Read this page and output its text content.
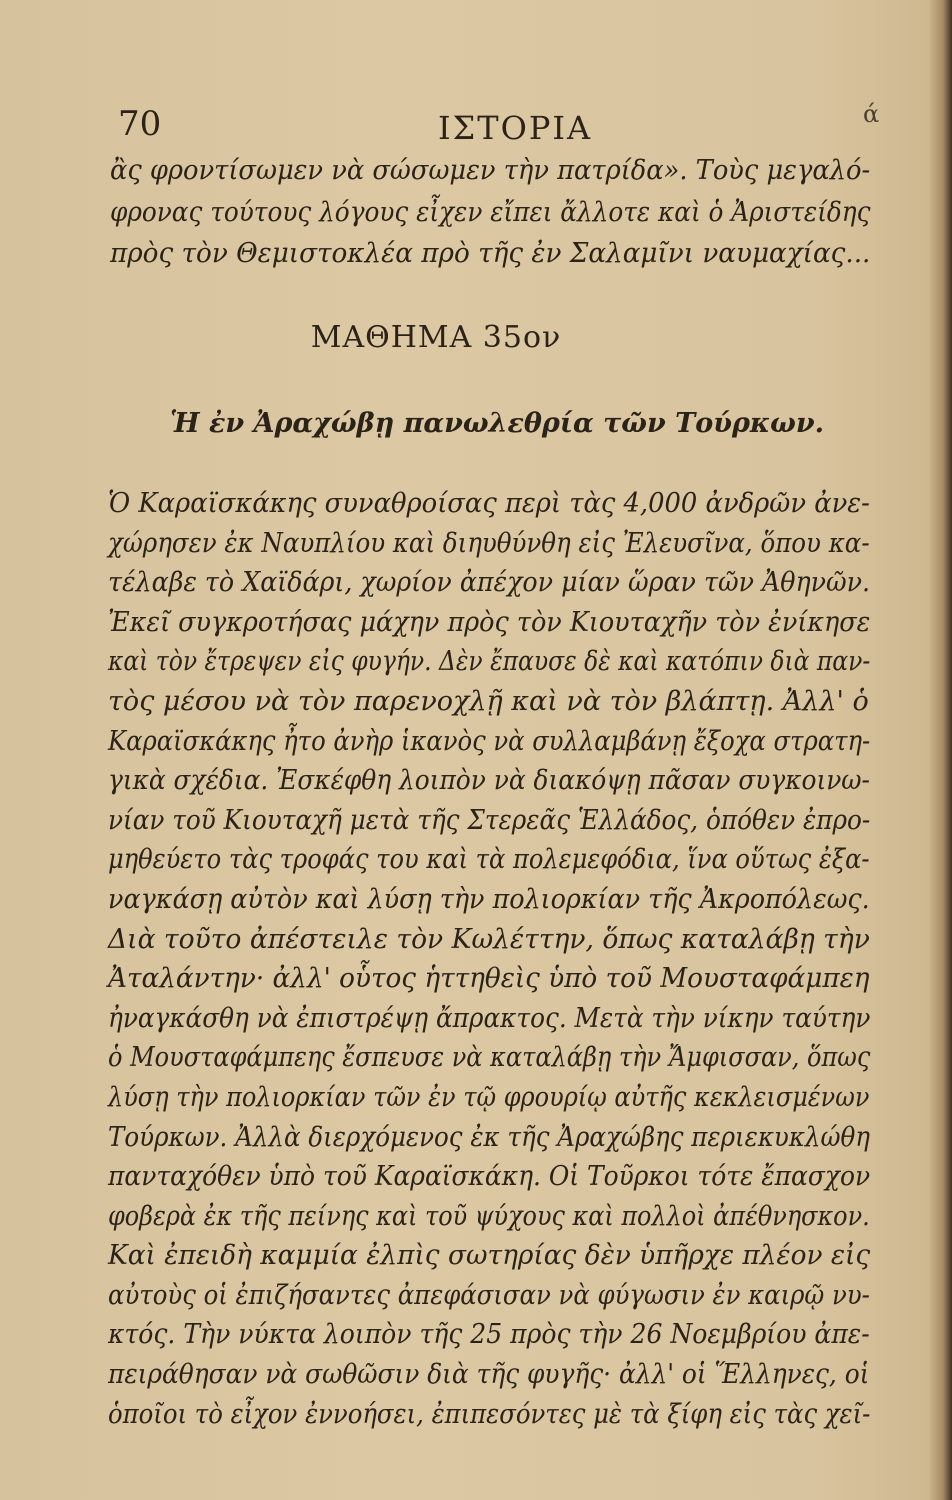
70	ΙΣΤΟΡΙΑ	ά
ἂς φροντίσωμεν νὰ σώσωμεν τὴν πατρίδα». Τοὺς μεγαλό-
φρονας τούτους λόγους εἶχεν εἴπει ἄλλοτε καὶ ὁ Ἀριστείδης
πρὸς τὸν Θεμιστοκλέα πρὸ τῆς ἐν Σαλαμῖνι ναυμαχίας...
ΜΑΘΗΜΑ 35ον
Ἡ ἐν Ἀραχώβῃ πανωλεθρία τῶν Τούρκων.
Ὁ Καραϊσκάκης συναθροίσας περὶ τὰς 4,000 ἀνδρῶν ἀνε-
χώρησεν ἐκ Ναυπλίου καὶ διηυθύνθη εἰς Ἐλευσῖνα, ὅπου κα-
τέλαβε τὸ Χαϊδάρι, χωρίον ἀπέχον μίαν ὥραν τῶν Ἀθηνῶν.
Ἐκεῖ συγκροτήσας μάχην πρὸς τὸν Κιουταχῆν τὸν ἐνίκησε
καὶ τὸν ἔτρεψεν εἰς φυγήν. Δὲν ἔπαυσε δὲ καὶ κατόπιν διὰ παν-
τὸς μέσου νὰ τὸν παρενοχλῇ καὶ νὰ τὸν βλάπτῃ. Ἀλλ' ὁ
Καραϊσκάκης ἦτο ἀνὴρ ἱκανὸς νὰ συλλαμβάνῃ ἔξοχα στρατη-
γικὰ σχέδια. Ἐσκέφθη λοιπὸν νὰ διακόψῃ πᾶσαν συγκοινω-
νίαν τοῦ Κιουταχῆ μετὰ τῆς Στερεᾶς Ἑλλάδος, ὁπόθεν ἐπρο-
μηθεύετο τὰς τροφάς του καὶ τὰ πολεμεφόδια, ἵνα οὕτως ἐξα-
ναγκάσῃ αὐτὸν καὶ λύσῃ τὴν πολιορκίαν τῆς Ἀκροπόλεως.
Διὰ τοῦτο ἀπέστειλε τὸν Κωλέττην, ὅπως καταλάβῃ τὴν
Ἀταλάντην· ἀλλ' οὗτος ἡττηθεὶς ὑπὸ τοῦ Μουσταφάμπεη
ἠναγκάσθη νὰ ἐπιστρέψῃ ἄπρακτος. Μετὰ τὴν νίκην ταύτην
ὁ Μουσταφάμπεης ἔσπευσε νὰ καταλάβῃ τὴν Ἄμφισσαν, ὅπως
λύσῃ τὴν πολιορκίαν τῶν ἐν τῷ φρουρίῳ αὐτῆς κεκλεισμένων
Τούρκων. Ἀλλὰ διερχόμενος ἐκ τῆς Ἀραχώβης περιεκυκλώθη
πανταχόθεν ὑπὸ τοῦ Καραϊσκάκη. Οἱ Τοῦρκοι τότε ἔπασχον
φοβερὰ ἐκ τῆς πείνης καὶ τοῦ ψύχους καὶ πολλοὶ ἀπέθνησκον.
Καὶ ἐπειδὴ καμμία ἐλπὶς σωτηρίας δὲν ὑπῆρχε πλέον εἰς
αὐτοὺς οἱ ἐπιζήσαντες ἀπεφάσισαν νὰ φύγωσιν ἐν καιρῷ νυ-
κτός. Τὴν νύκτα λοιπὸν τῆς 25 πρὸς τὴν 26 Νοεμβρίου ἀπε-
πειράθησαν νὰ σωθῶσιν διὰ τῆς φυγῆς· ἀλλ' οἱ Ἕλληνες, οἱ
ὁποῖοι τὸ εἶχον ἐννοήσει, ἐπιπεσόντες μὲ τὰ ξίφη εἰς τὰς χεῖ-
